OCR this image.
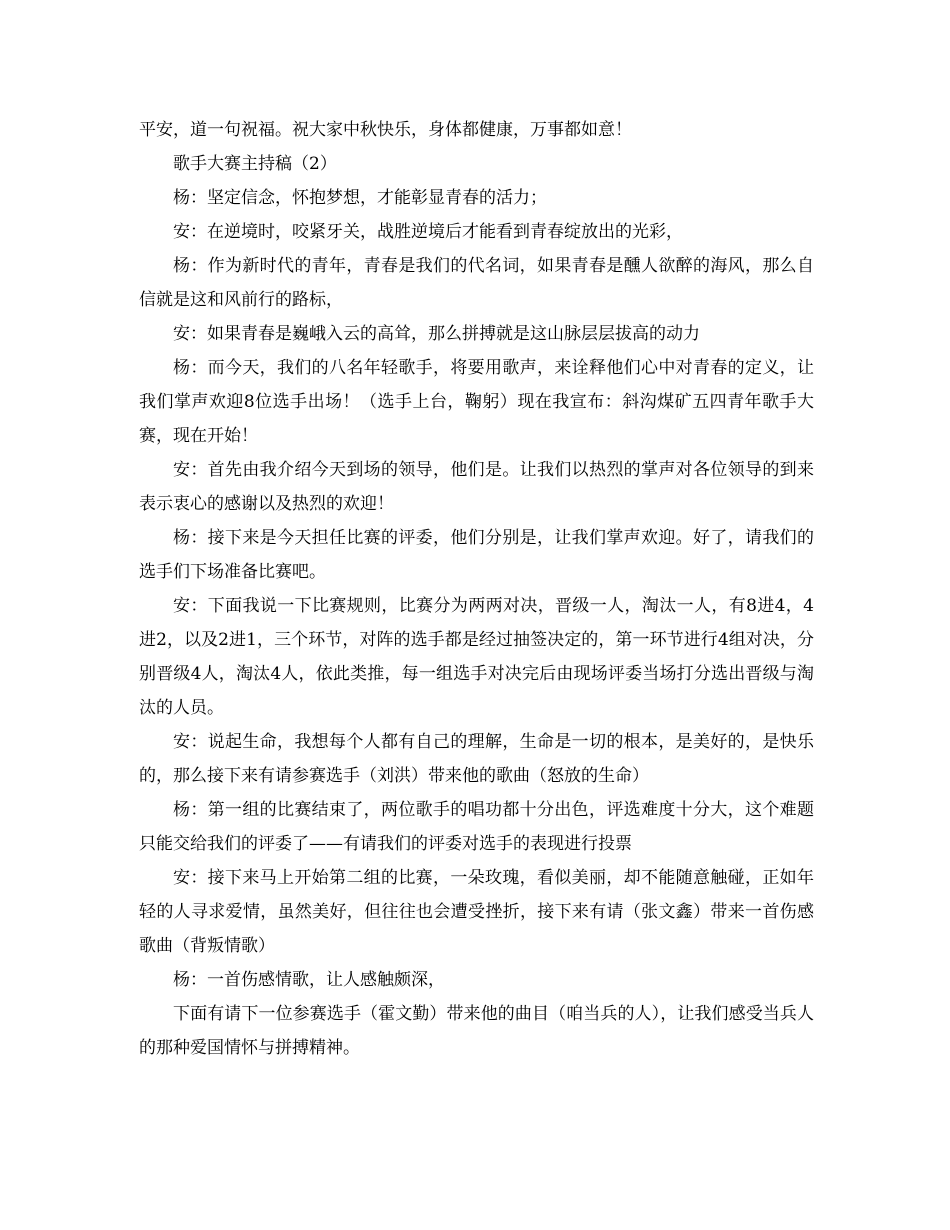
平安，道一句祝福。祝大家中秋快乐，身体都健康，万事都如意！

歌手大赛主持稿（2）

杨：坚定信念，怀抱梦想，才能彰显青春的活力；

安：在逆境时，咬紧牙关，战胜逆境后才能看到青春绽放出的光彩，

杨：作为新时代的青年，青春是我们的代名词，如果青春是醺人欲醉的海风，那么自信就是这和风前行的路标，

安：如果青春是巍峨入云的高耸，那么拼搏就是这山脉层层拔高的动力

杨：而今天，我们的八名年轻歌手，将要用歌声，来诠释他们心中对青春的定义，让我们掌声欢迎8位选手出场！（选手上台，鞠躬）现在我宣布：斜沟煤矿五四青年歌手大赛，现在开始！

安：首先由我介绍今天到场的领导，他们是。让我们以热烈的掌声对各位领导的到来表示衷心的感谢以及热烈的欢迎！

杨：接下来是今天担任比赛的评委，他们分别是，让我们掌声欢迎。好了，请我们的选手们下场准备比赛吧。

安：下面我说一下比赛规则，比赛分为两两对决，晋级一人，淘汰一人，有8进4，4进2，以及2进1，三个环节，对阵的选手都是经过抽签决定的，第一环节进行4组对决，分别晋级4人，淘汰4人，依此类推，每一组选手对决完后由现场评委当场打分选出晋级与淘汰的人员。

安：说起生命，我想每个人都有自己的理解，生命是一切的根本，是美好的，是快乐的，那么接下来有请参赛选手（刘洪）带来他的歌曲（怒放的生命）

杨：第一组的比赛结束了，两位歌手的唱功都十分出色，评选难度十分大，这个难题只能交给我们的评委了——有请我们的评委对选手的表现进行投票

安：接下来马上开始第二组的比赛，一朵玫瑰，看似美丽，却不能随意触碰，正如年轻的人寻求爱情，虽然美好，但往往也会遭受挫折，接下来有请（张文鑫）带来一首伤感歌曲（背叛情歌）

杨：一首伤感情歌，让人感触颇深，

下面有请下一位参赛选手（霍文勤）带来他的曲目（咱当兵的人），让我们感受当兵人的那种爱国情怀与拼搏精神。
